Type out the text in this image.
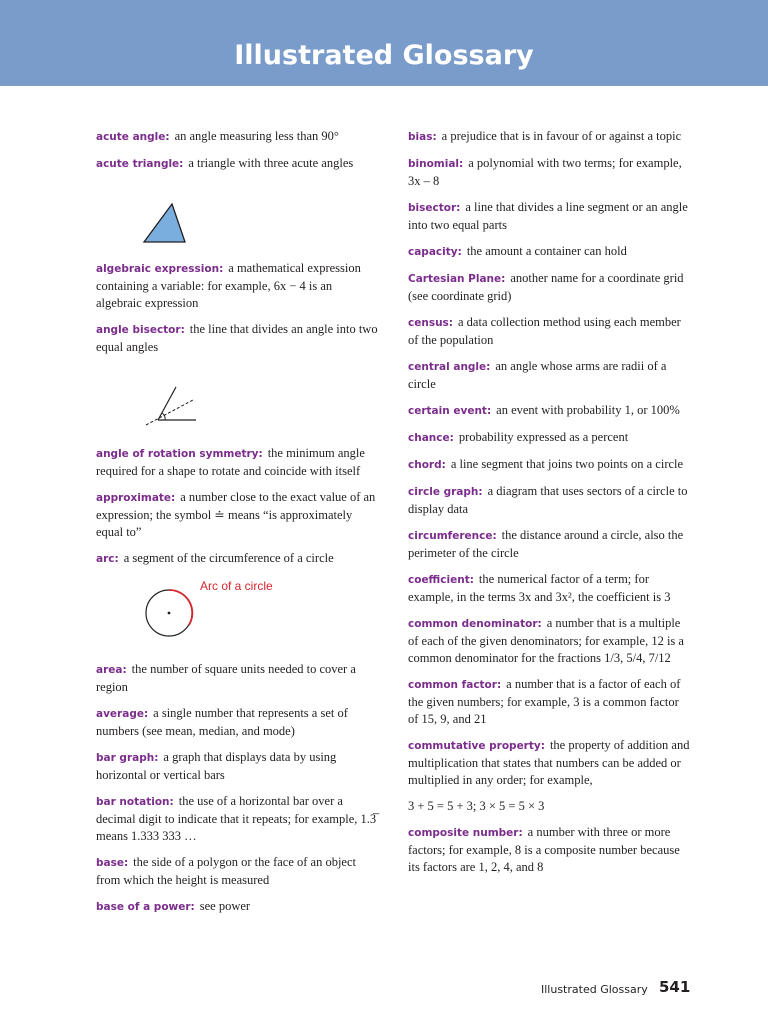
Illustrated Glossary
acute angle: an angle measuring less than 90°
acute triangle: a triangle with three acute angles
algebraic expression: a mathematical expression containing a variable: for example, 6x − 4 is an algebraic expression
angle bisector: the line that divides an angle into two equal angles
angle of rotation symmetry: the minimum angle required for a shape to rotate and coincide with itself
approximate: a number close to the exact value of an expression; the symbol ≐ means “is approximately equal to”
arc: a segment of the circumference of a circle
Arc of a circle
area: the number of square units needed to cover a region
average: a single number that represents a set of numbers (see mean, median, and mode)
bar graph: a graph that displays data by using horizontal or vertical bars
bar notation: the use of a horizontal bar over a decimal digit to indicate that it repeats; for example, 1.3̅ means 1.333 333 …
base: the side of a polygon or the face of an object from which the height is measured
base of a power: see power
bias: a prejudice that is in favour of or against a topic
binomial: a polynomial with two terms; for example, 3x – 8
bisector: a line that divides a line segment or an angle into two equal parts
capacity: the amount a container can hold
Cartesian Plane: another name for a coordinate grid (see coordinate grid)
census: a data collection method using each member of the population
central angle: an angle whose arms are radii of a circle
certain event: an event with probability 1, or 100%
chance: probability expressed as a percent
chord: a line segment that joins two points on a circle
circle graph: a diagram that uses sectors of a circle to display data
circumference: the distance around a circle, also the perimeter of the circle
coefficient: the numerical factor of a term; for example, in the terms 3x and 3x², the coefficient is 3
common denominator: a number that is a multiple of each of the given denominators; for example, 12 is a common denominator for the fractions 1/3, 5/4, 7/12
common factor: a number that is a factor of each of the given numbers; for example, 3 is a common factor of 15, 9, and 21
commutative property: the property of addition and multiplication that states that numbers can be added or multiplied in any order; for example,
3 + 5 = 5 + 3; 3 × 5 = 5 × 3
composite number: a number with three or more factors; for example, 8 is a composite number because its factors are 1, 2, 4, and 8
Illustrated Glossary 541
